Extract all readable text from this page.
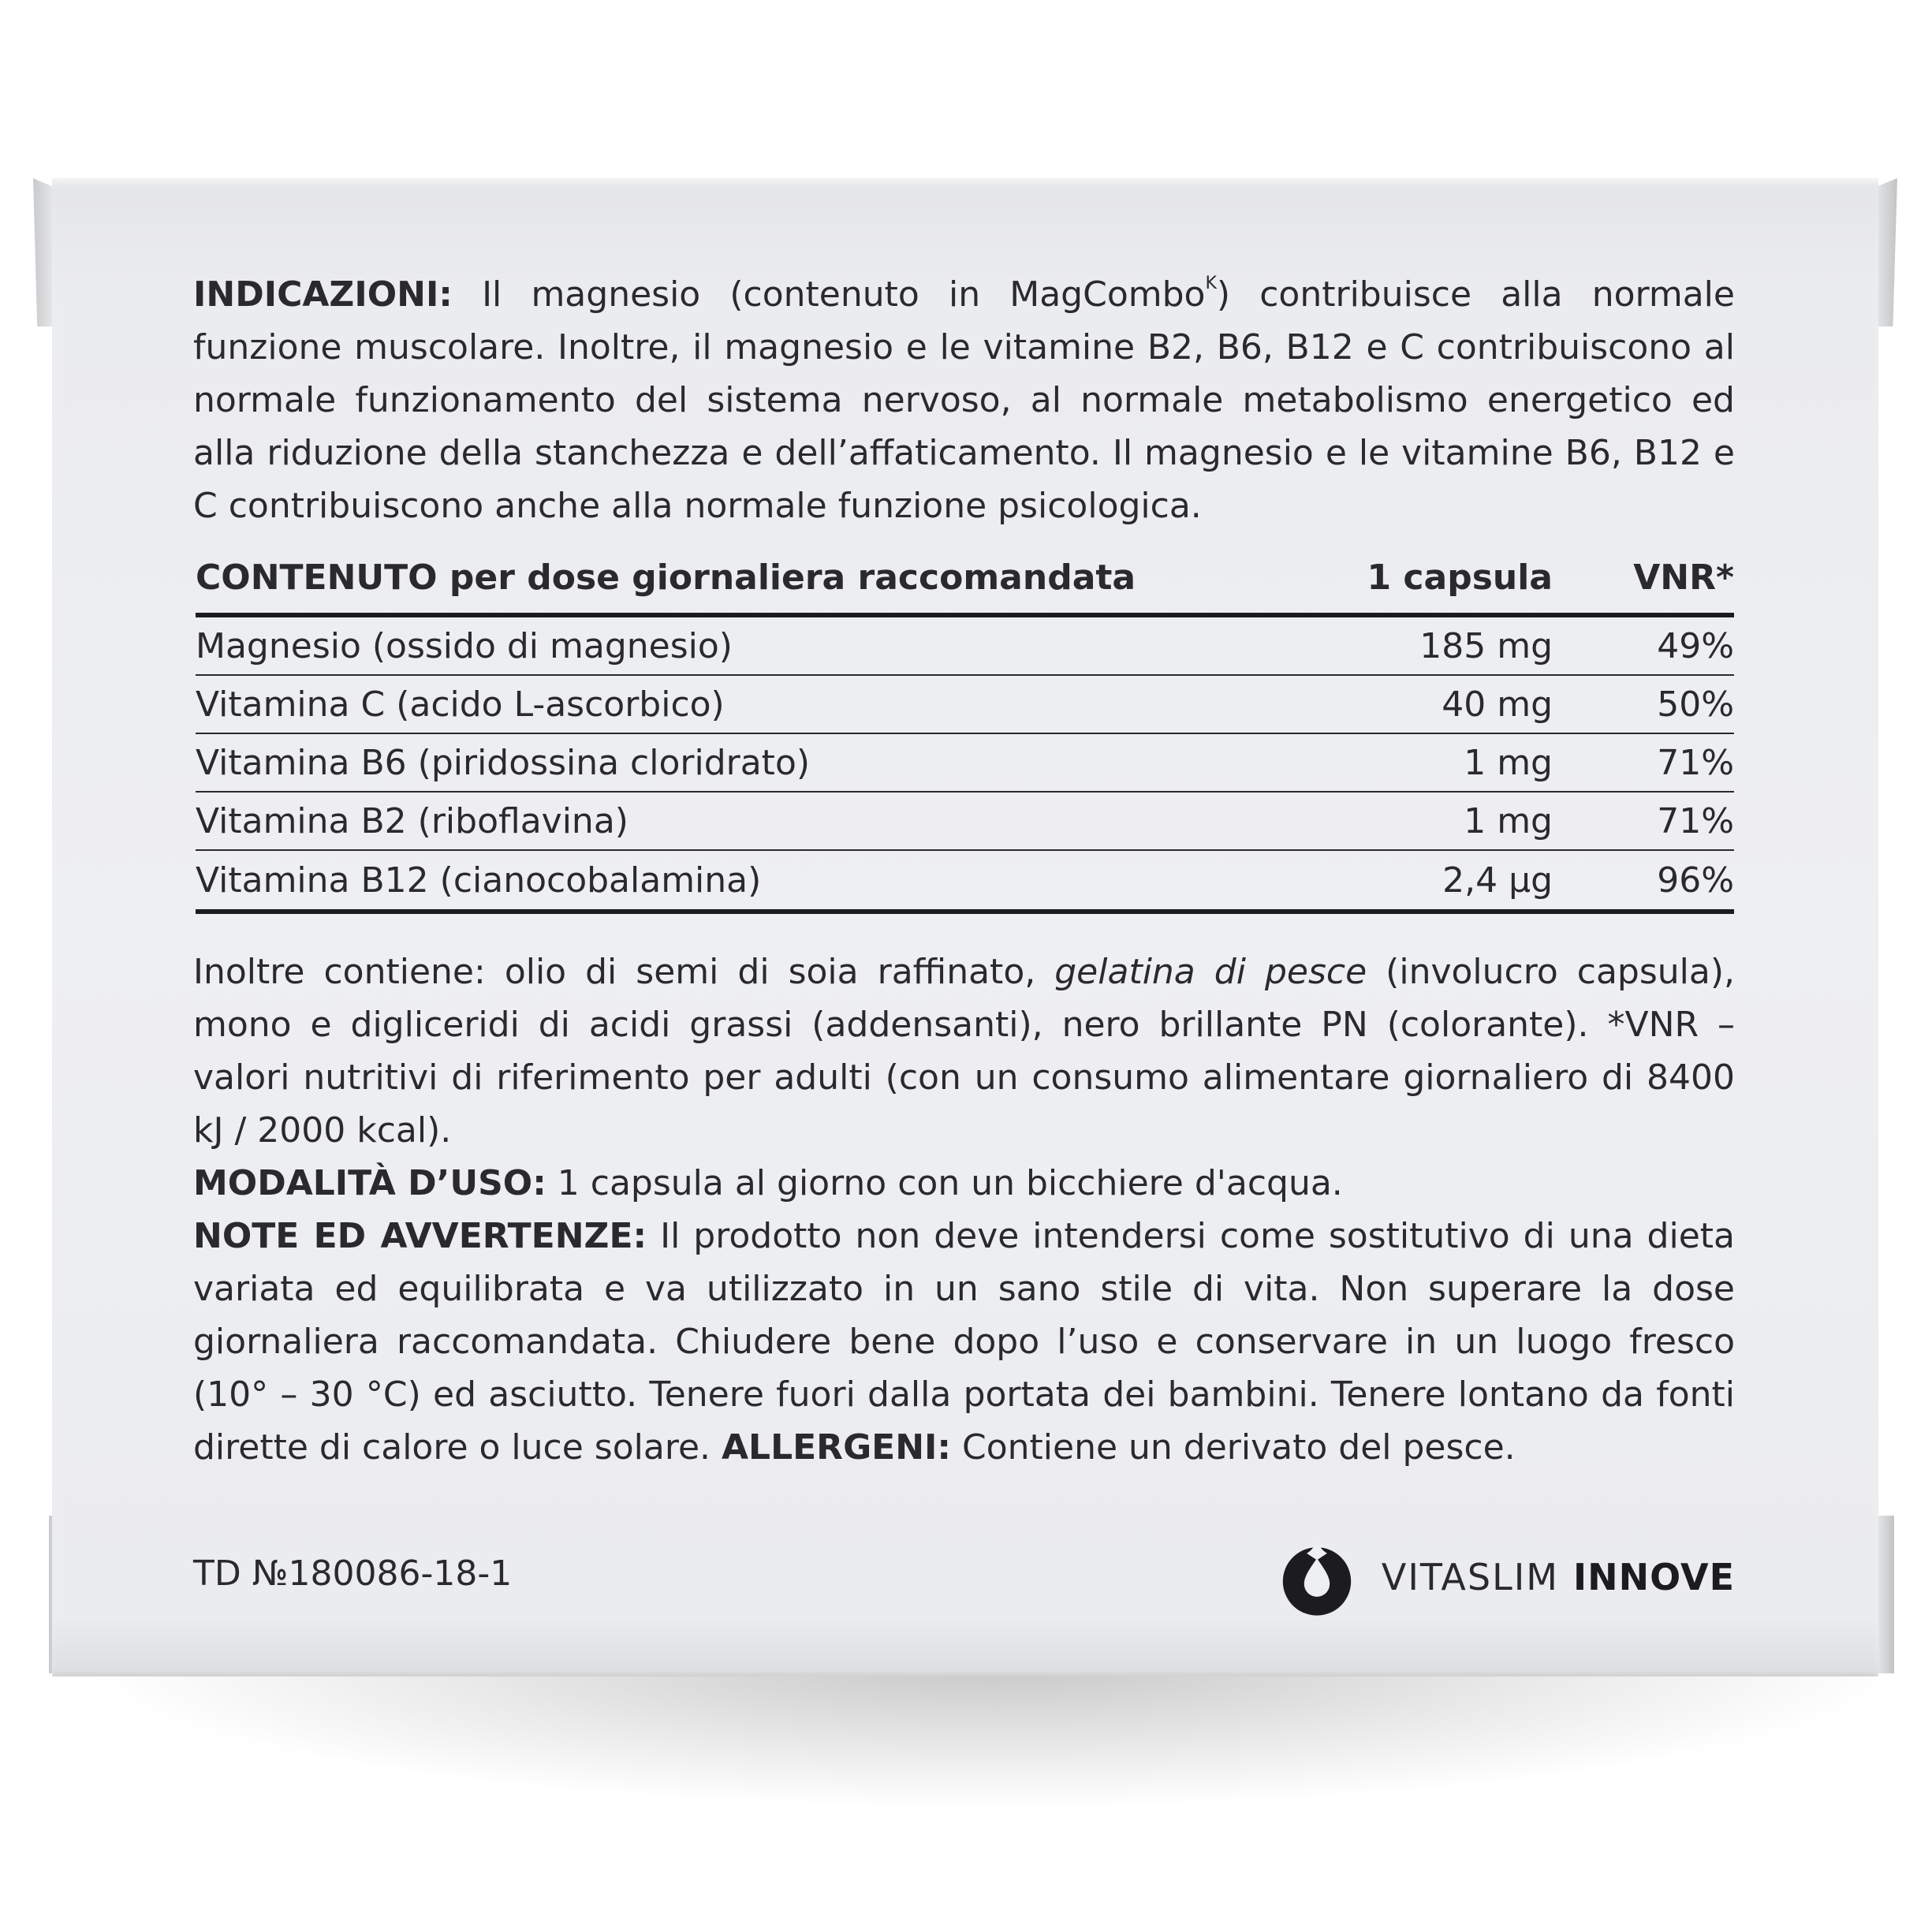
INDICAZIONI: Il magnesio (contenuto in MagCombo$^K$) contribuisce alla normale funzione muscolare. Inoltre, il magnesio e le vitamine B2, B6, B12 e C contribuiscono al normale funzionamento del sistema nervoso, al normale metabolismo energetico ed alla riduzione della stanchezza e dell’affaticamento. Il magnesio e le vitamine B6, B12 e C contribuiscono anche alla normale funzione psicologica.

CONTENUTO per dose giornaliera raccomandata	1 capsula	VNR*
Magnesio (ossido di magnesio)	185 mg	49%
Vitamina C (acido L-ascorbico)	40 mg	50%
Vitamina B6 (piridossina cloridrato)	1 mg	71%
Vitamina B2 (riboflavina)	1 mg	71%
Vitamina B12 (cianocobalamina)	2,4 µg	96%

Inoltre contiene: olio di semi di soia raffinato, gelatina di pesce (involucro capsula), mono e digliceridi di acidi grassi (addensanti), nero brillante PN (colorante). *VNR – valori nutritivi di riferimento per adulti (con un consumo alimentare giornaliero di 8400 kJ / 2000 kcal).

MODALITÀ D’USO: 1 capsula al giorno con un bicchiere d'acqua.

NOTE ED AVVERTENZE: Il prodotto non deve intendersi come sostitutivo di una dieta variata ed equilibrata e va utilizzato in un sano stile di vita. Non superare la dose giornaliera raccomandata. Chiudere bene dopo l’uso e conservare in un luogo fresco (10° – 30 °C) ed asciutto. Tenere fuori dalla portata dei bambini. Tenere lontano da fonti dirette di calore o luce solare. ALLERGENI: Contiene un derivato del pesce.

TD №180086-18-1	VITASLIM INNOVE
